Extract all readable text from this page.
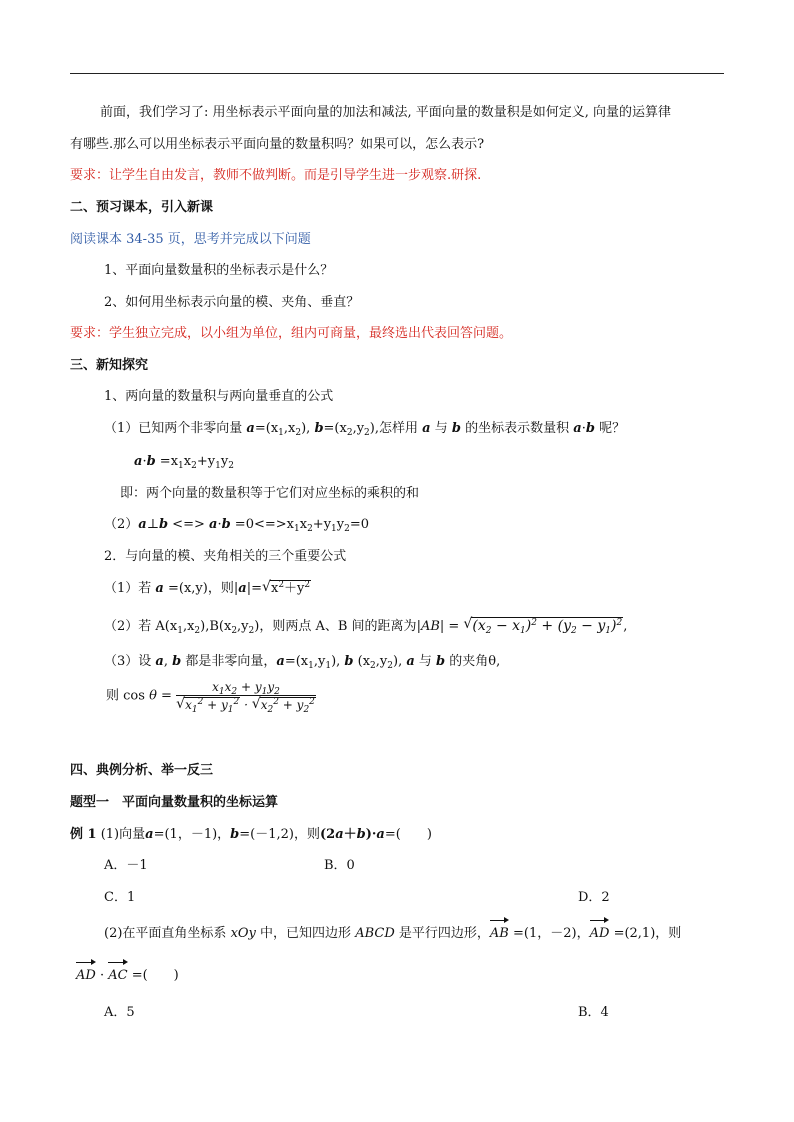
前面，我们学习了: 用坐标表示平面向量的加法和减法, 平面向量的数量积是如何定义, 向量的运算律
有哪些.那么可以用坐标表示平面向量的数量积吗？如果可以，怎么表示?
要求：让学生自由发言，教师不做判断。而是引导学生进一步观察.研探.
二、预习课本，引入新课
阅读课本 34-35 页，思考并完成以下问题
1、平面向量数量积的坐标表示是什么？
2、如何用坐标表示向量的模、夹角、垂直？
要求：学生独立完成，以小组为单位，组内可商量，最终选出代表回答问题。
三、新知探究
1、两向量的数量积与两向量垂直的公式
（1）已知两个非零向量 $a=(x_1,x_2)$, $b=(x_2,y_2)$,怎样用 a 与 b 的坐标表示数量积 a·b 呢？
$a\cdot b =x_1x_2+y_1y_2$
即：两个向量的数量积等于它们对应坐标的乘积的和
（2）a⊥b <=> $a\cdot b =0<=>x_1x_2+y_1y_2=0$
2．与向量的模、夹角相关的三个重要公式
（1）若 a =(x,y)，则|a|= √ $x^2+y^2$
（2）若 $A(x_1,x_2),B(x_2,y_2)$，则两点 A、B 间的距离为|AB| = √ $(x_2 - x_1)^2 + (y_2 - y_1)^2$,
（3）设 a, b 都是非零向量，$a=(x_1,y_1)$, b $(x_2,y_2)$, a 与 b 的夹角θ,
则 $\cos \theta = \frac{x_1x_2 + y_1y_2}{√ x_1^2 + y_1^2 \cdot √ x_2^2 + y_2^2}$
四、典例分析、举一反三
题型一　平面向量数量积的坐标运算
例 1 (1)向量a=(1，－1)，b=(－1,2)，则(2a＋b)·a=(　　)
A．－1	B．0
C．1	D．2
(2)在平面直角坐标系 xOy 中，已知四边形 ABCD 是平行四边形，AB =(1，－2)，AD =(2,1)，则
AD · AC =(　　)
A．5	B．4
